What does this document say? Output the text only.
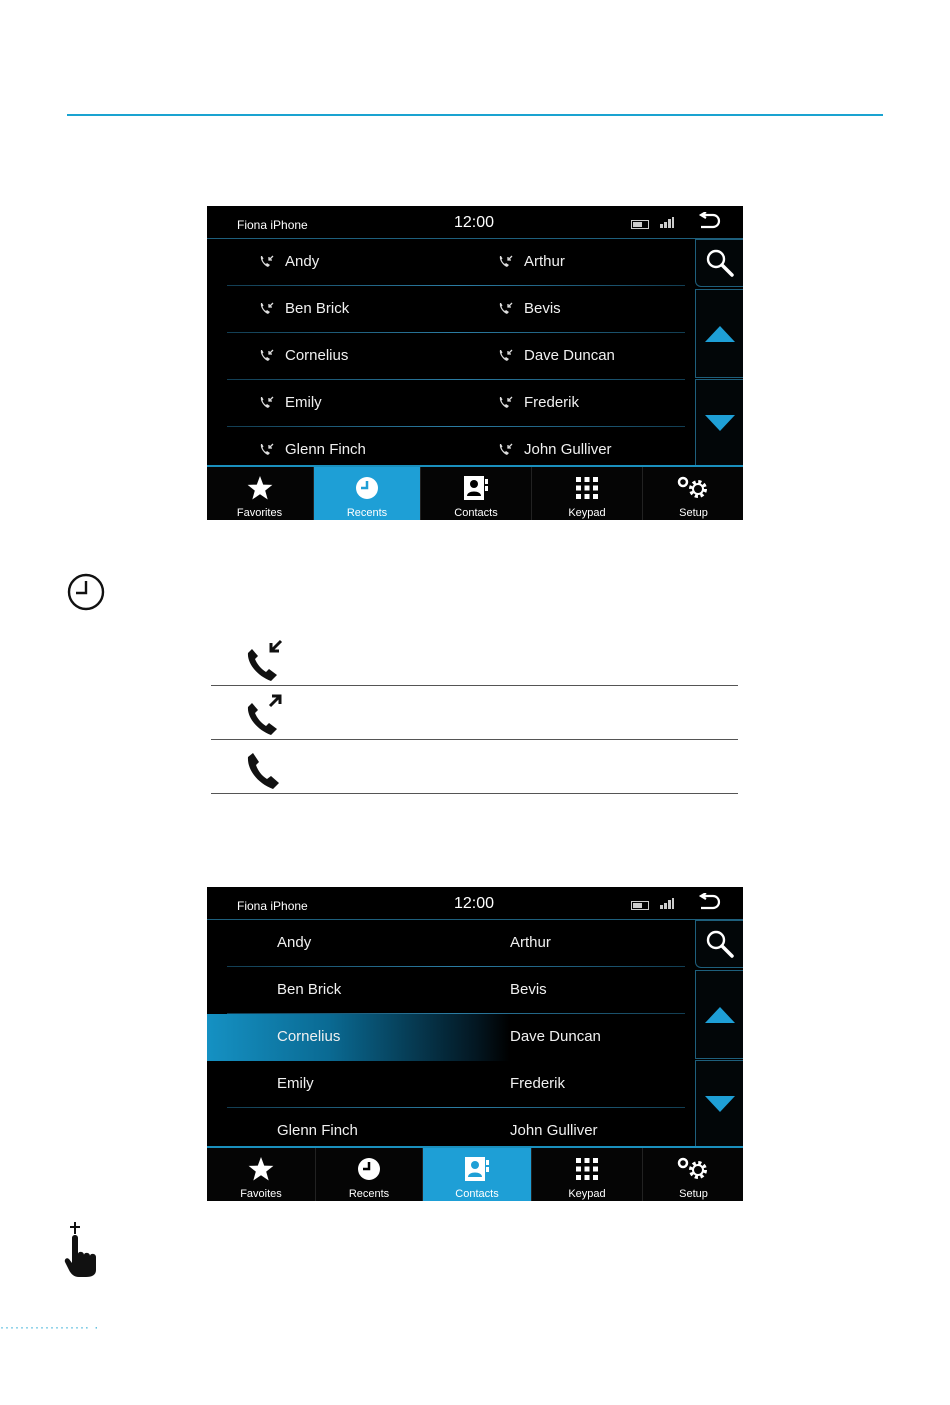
Fiona iPhone	12:00
Andy	Arthur
Ben Brick	Bevis
Cornelius	Dave Duncan
Emily	Frederik
Glenn Finch	John Gulliver
Favorites	Recents	Contacts	Keypad	Setup
Fiona iPhone	12:00
Andy	Arthur
Ben Brick	Bevis
Cornelius	Dave Duncan
Emily	Frederik
Glenn Finch	John Gulliver
Favoites	Recents	Contacts	Keypad	Setup
·················· ·
